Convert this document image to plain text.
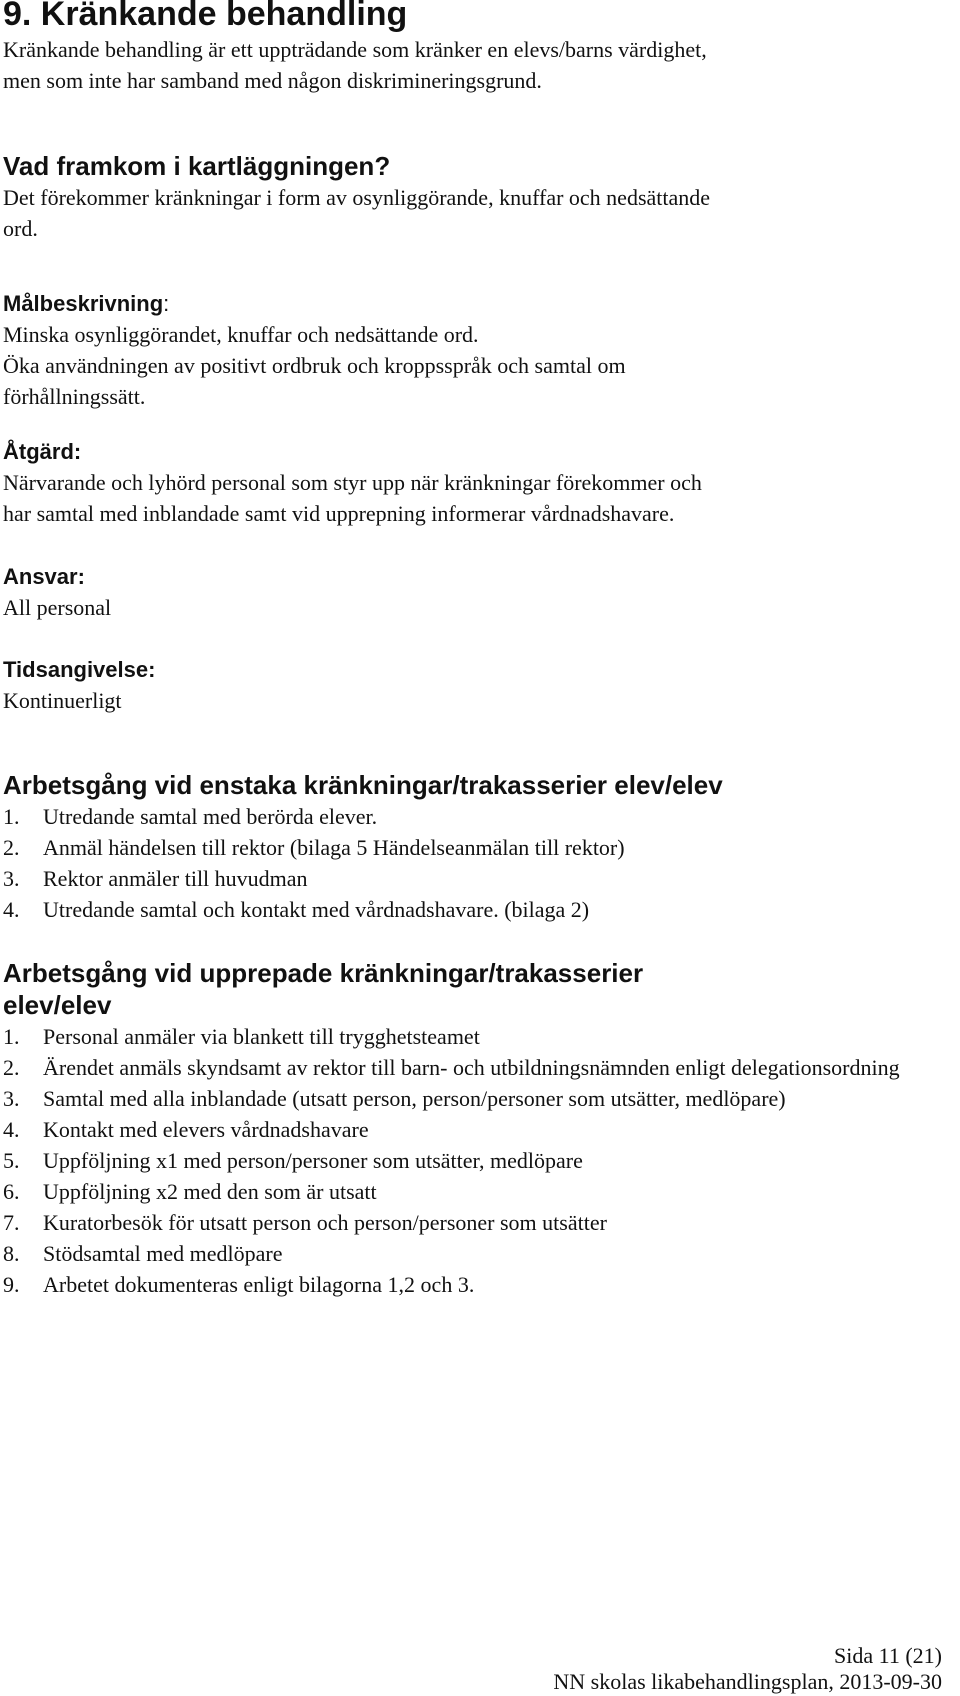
9. Kränkande behandling
Kränkande behandling är ett uppträdande som kränker en elevs/barns värdighet,
men som inte har samband med någon diskrimineringsgrund.
Vad framkom i kartläggningen?
Det förekommer kränkningar i form av osynliggörande, knuffar och nedsättande
ord.
Målbeskrivning:
Minska osynliggörandet, knuffar och nedsättande ord.
Öka användningen av positivt ordbruk och kroppsspråk och samtal om
förhållningssätt.
Åtgärd:
Närvarande och lyhörd personal som styr upp när kränkningar förekommer och
har samtal med inblandade samt vid upprepning informerar vårdnadshavare.
Ansvar:
All personal
Tidsangivelse:
Kontinuerligt
Arbetsgång vid enstaka kränkningar/trakasserier elev/elev
1.	Utredande samtal med berörda elever.
2.	Anmäl händelsen till rektor (bilaga 5 Händelseanmälan till rektor)
3.	Rektor anmäler till huvudman
4.	Utredande samtal och kontakt med vårdnadshavare. (bilaga 2)
Arbetsgång vid upprepade kränkningar/trakasserier
elev/elev
1.	Personal anmäler via blankett till trygghetsteamet
2.	Ärendet anmäls skyndsamt av rektor till barn- och utbildningsnämnden enligt delegationsordning
3.	Samtal med alla inblandade (utsatt person, person/personer som utsätter, medlöpare)
4.	Kontakt med elevers vårdnadshavare
5.	Uppföljning x1 med person/personer som utsätter, medlöpare
6.	Uppföljning x2 med den som är utsatt
7.	Kuratorbesök för utsatt person och person/personer som utsätter
8.	Stödsamtal med medlöpare
9.	Arbetet dokumenteras enligt bilagorna 1,2 och 3.
Sida 11 (21)
NN skolas likabehandlingsplan, 2013-09-30
